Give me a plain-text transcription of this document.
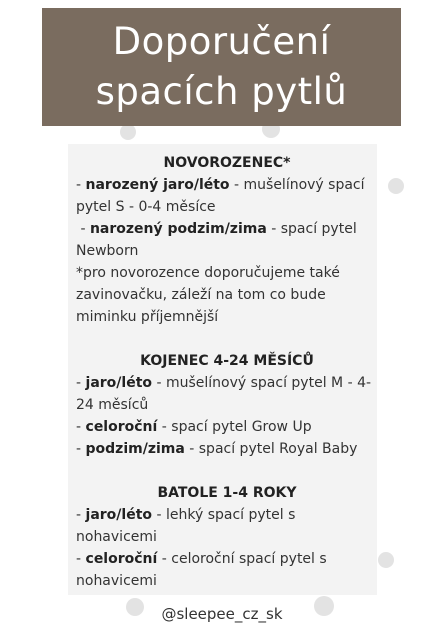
Doporučení
spacích pytlů
NOVOROZENEC*

- narozený jaro/léto - mušelínový spací pytel S - 0-4 měsíce

- narozený podzim/zima - spací pytel Newborn

*pro novorozence doporučujeme také zavinovačku, záleží na tom co bude miminku příjemnější

KOJENEC 4-24 MĚSÍCŮ

- jaro/léto - mušelínový spací pytel M - 4-24 měsíců

- celoroční - spací pytel Grow Up

- podzim/zima - spací pytel Royal Baby

BATOLE 1-4 ROKY

- jaro/léto - lehký spací pytel s nohavicemi

- celoroční - celoroční spací pytel s nohavicemi

@sleepee_cz_sk
